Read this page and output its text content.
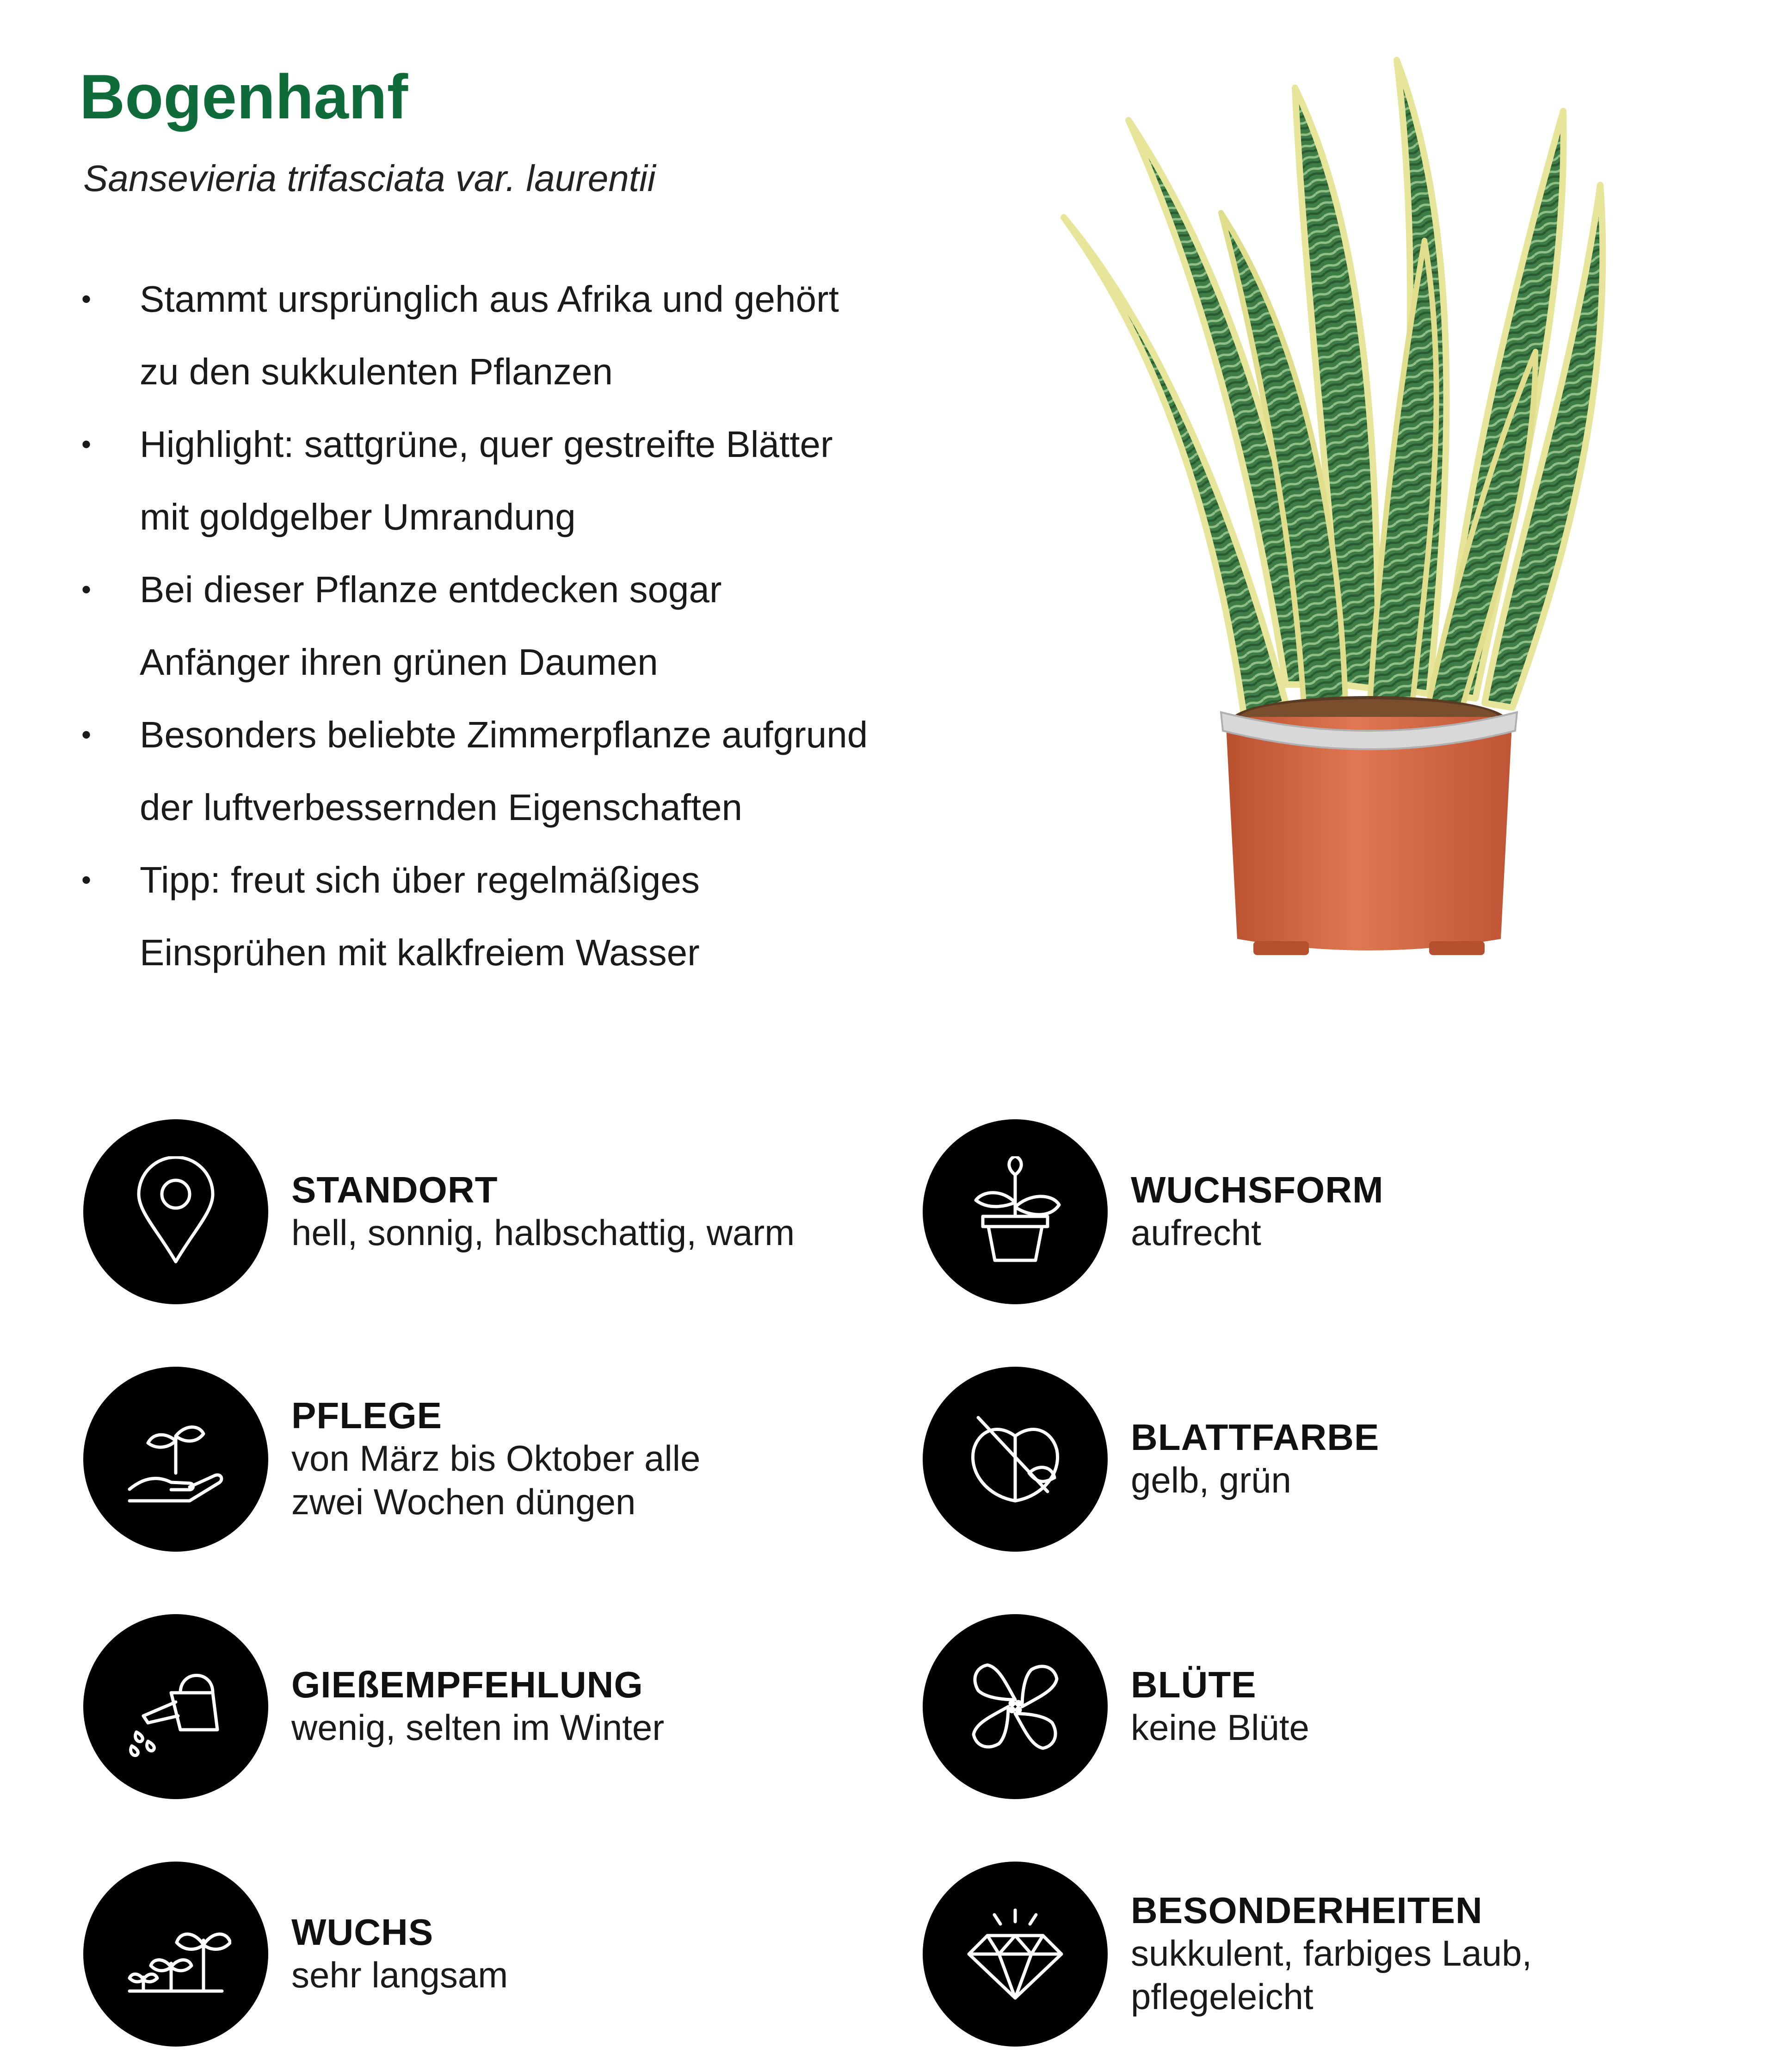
Bogenhanf
Sansevieria trifasciata var. laurentii
• Stammt ursprünglich aus Afrika und gehört
zu den sukkulenten Pflanzen
• Highlight: sattgrüne, quer gestreifte Blätter
mit goldgelber Umrandung
• Bei dieser Pflanze entdecken sogar
Anfänger ihren grünen Daumen
• Besonders beliebte Zimmerpflanze aufgrund
der luftverbessernden Eigenschaften
• Tipp: freut sich über regelmäßiges
Einsprühen mit kalkfreiem Wasser
STANDORT
hell, sonnig, halbschattig, warm
WUCHSFORM
aufrecht
PFLEGE
von März bis Oktober alle
zwei Wochen düngen
BLATTFARBE
gelb, grün
GIEßEMPFEHLUNG
wenig, selten im Winter
BLÜTE
keine Blüte
WUCHS
sehr langsam
BESONDERHEITEN
sukkulent, farbiges Laub,
pflegeleicht
